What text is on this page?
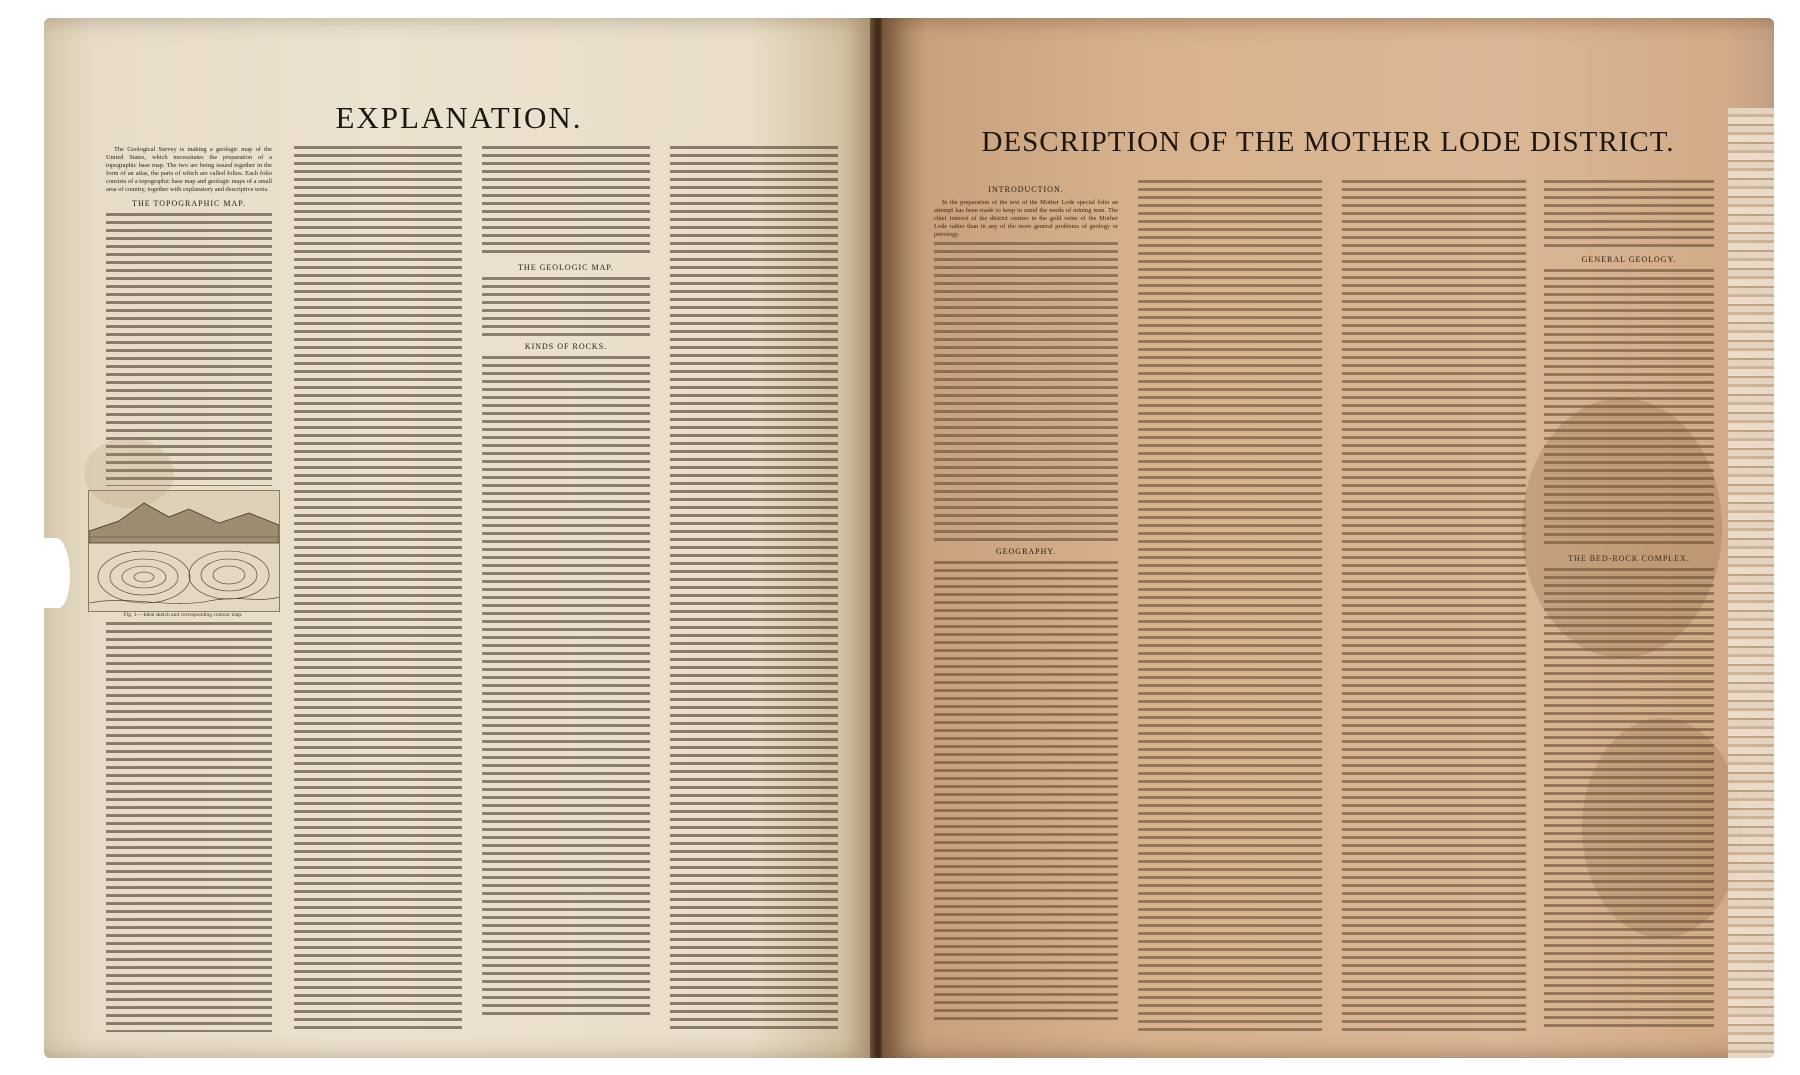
EXPLANATION.

The Geological Survey is making a geologic map of the United States, which necessitates the preparation of a topographic base map. The two are being issued together in the form of an atlas, the parts of which are called folios. Each folio consists of a topographic base map and geologic maps of a small area of country, together with explanatory and descriptive texts.

THE TOPOGRAPHIC MAP.
Fig. 1.—Ideal sketch and corresponding contour map.
THE GEOLOGIC MAP.
KINDS OF ROCKS.
DESCRIPTION OF THE MOTHER LODE DISTRICT.
INTRODUCTION.

In the preparation of the text of the Mother Lode special folio an attempt has been made to keep in mind the needs of mining men. The chief interest of the district centers in the gold veins of the Mother Lode rather than in any of the more general problems of geology or petrology.

GEOGRAPHY.
GENERAL GEOLOGY.
THE BED-ROCK COMPLEX.
